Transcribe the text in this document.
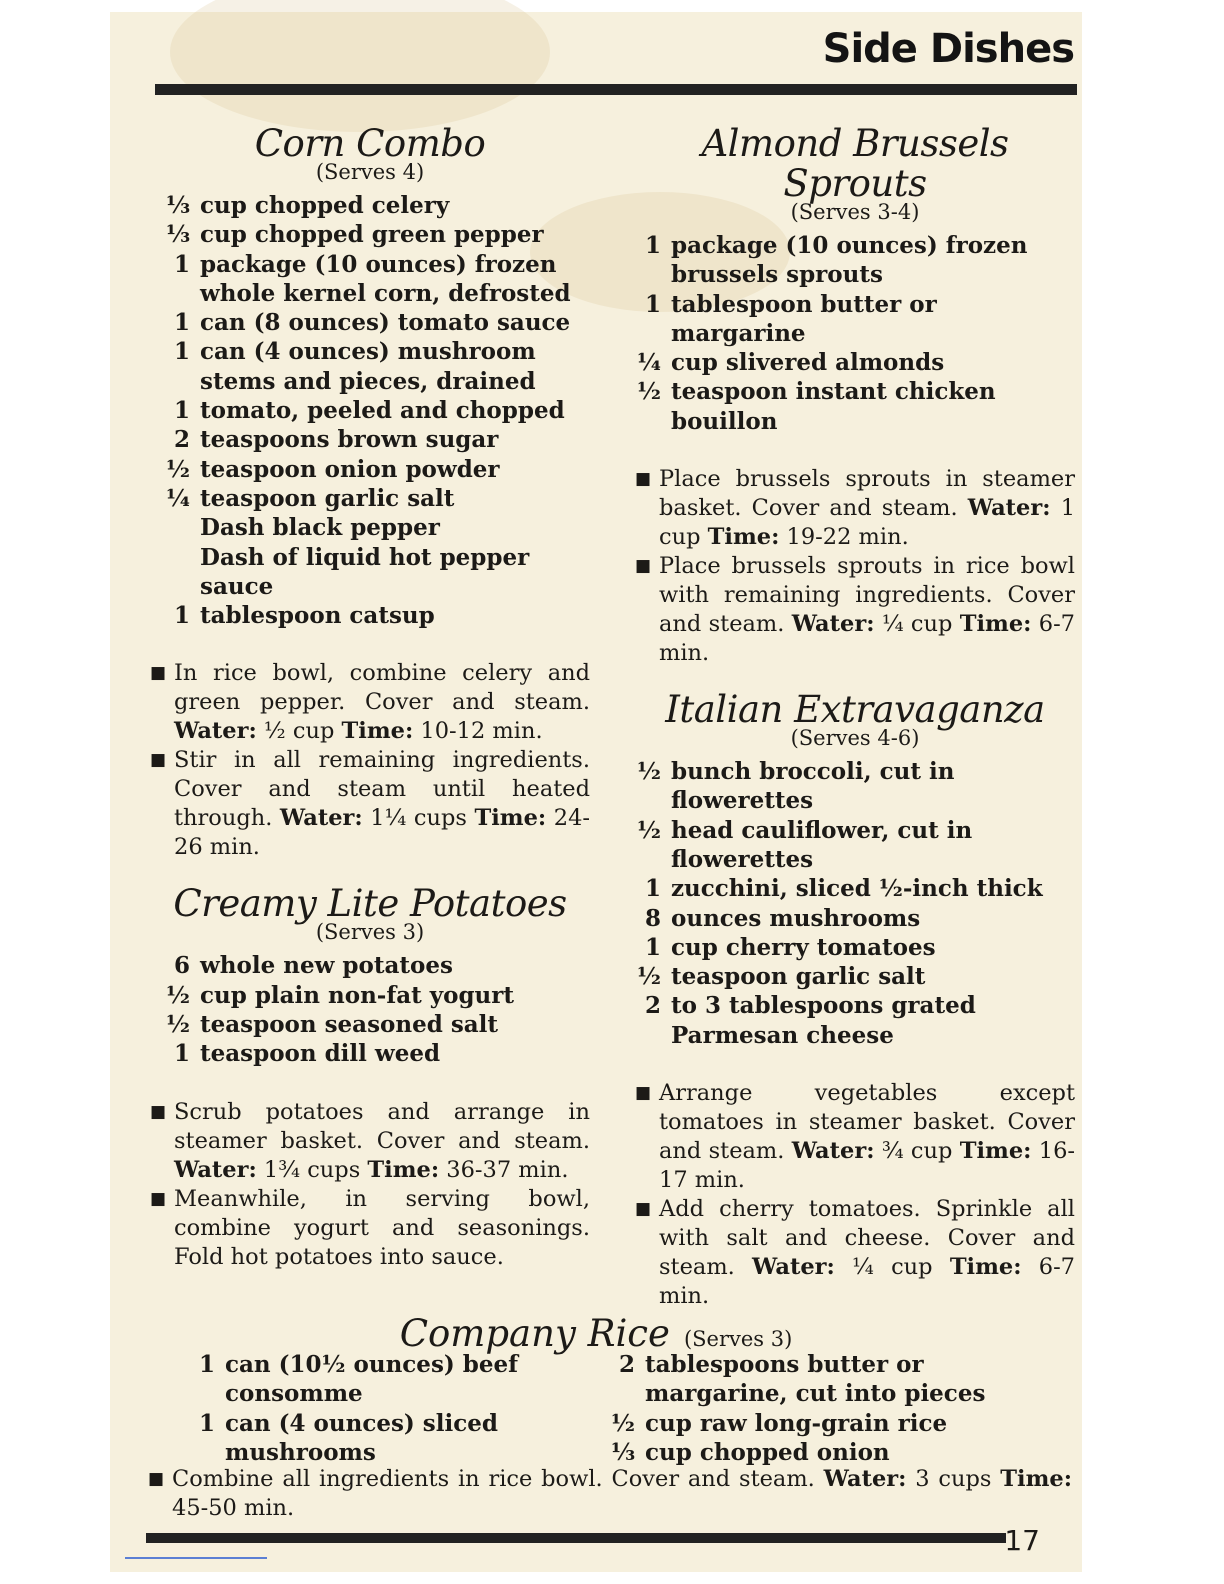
Side Dishes
Corn Combo
(Serves 4)
⅓ cup chopped celery
⅓ cup chopped green pepper
1 package (10 ounces) frozen whole kernel corn, defrosted
1 can (8 ounces) tomato sauce
1 can (4 ounces) mushroom stems and pieces, drained
1 tomato, peeled and chopped
2 teaspoons brown sugar
½ teaspoon onion powder
¼ teaspoon garlic salt
Dash black pepper
Dash of liquid hot pepper sauce
1 tablespoon catsup
■ In rice bowl, combine celery and green pepper. Cover and steam. Water: ½ cup Time: 10-12 min.
■ Stir in all remaining ingredients. Cover and steam until heated through. Water: 1¼ cups Time: 24-26 min.
Creamy Lite Potatoes
(Serves 3)
6 whole new potatoes
½ cup plain non-fat yogurt
½ teaspoon seasoned salt
1 teaspoon dill weed
■ Scrub potatoes and arrange in steamer basket. Cover and steam. Water: 1¾ cups Time: 36-37 min.
■ Meanwhile, in serving bowl, combine yogurt and seasonings. Fold hot potatoes into sauce.
Almond Brussels Sprouts
(Serves 3-4)
1 package (10 ounces) frozen brussels sprouts
1 tablespoon butter or margarine
¼ cup slivered almonds
½ teaspoon instant chicken bouillon
■ Place brussels sprouts in steamer basket. Cover and steam. Water: 1 cup Time: 19-22 min.
■ Place brussels sprouts in rice bowl with remaining ingredients. Cover and steam. Water: ¼ cup Time: 6-7 min.
Italian Extravaganza
(Serves 4-6)
½ bunch broccoli, cut in flowerettes
½ head cauliflower, cut in flowerettes
1 zucchini, sliced ½-inch thick
8 ounces mushrooms
1 cup cherry tomatoes
½ teaspoon garlic salt
2 to 3 tablespoons grated Parmesan cheese
■ Arrange vegetables except tomatoes in steamer basket. Cover and steam. Water: ¾ cup Time: 16-17 min.
■ Add cherry tomatoes. Sprinkle all with salt and cheese. Cover and steam. Water: ¼ cup Time: 6-7 min.
Company Rice (Serves 3)
1 can (10½ ounces) beef consomme
1 can (4 ounces) sliced mushrooms
2 tablespoons butter or margarine, cut into pieces
½ cup raw long-grain rice
⅓ cup chopped onion
■ Combine all ingredients in rice bowl. Cover and steam. Water: 3 cups Time: 45-50 min.
17
